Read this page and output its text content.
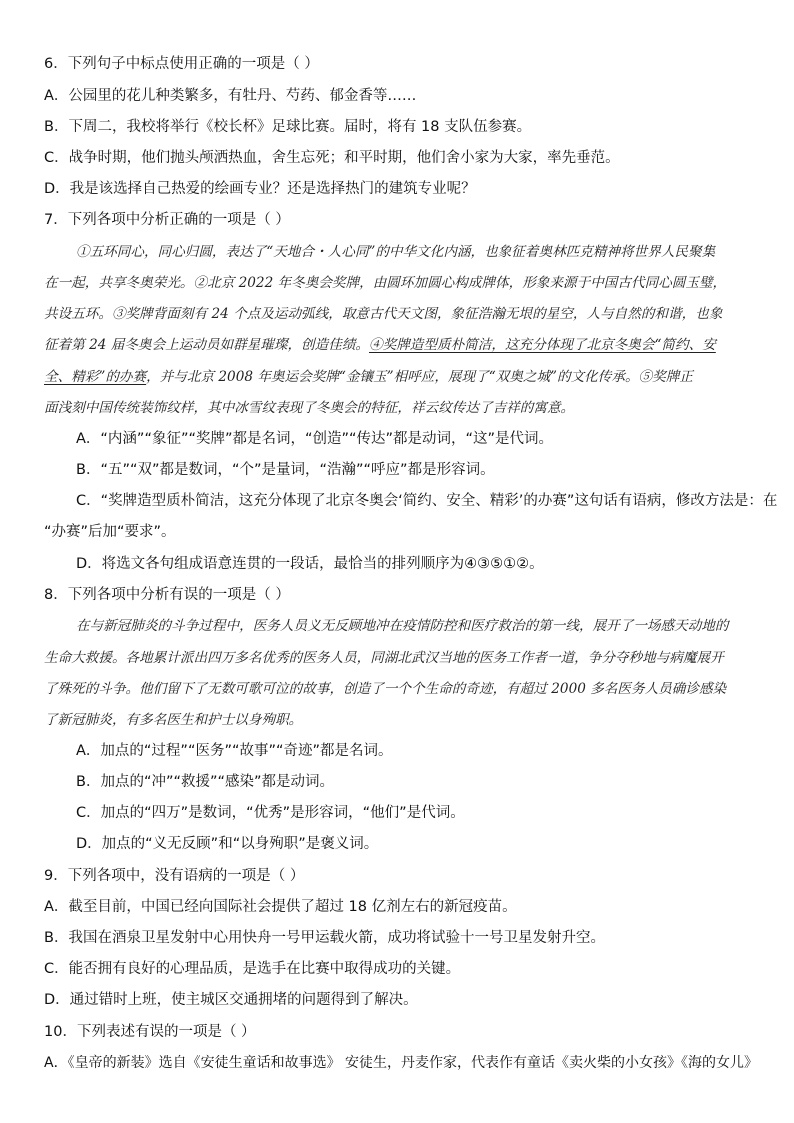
6．下列句子中标点使用正确的一项是（ ）
A．公园里的花儿种类繁多，有牡丹、芍药、郁金香等……
B．下周二，我校将举行《校长杯》足球比赛。届时，将有 18 支队伍参赛。
C．战争时期，他们抛头颅洒热血，舍生忘死；和平时期，他们舍小家为大家，率先垂范。
D．我是该选择自己热爱的绘画专业？还是选择热门的建筑专业呢？
7．下列各项中分析正确的一项是（ ）
①五环同心，同心归圆，表达了“天地合・人心同”的中华文化内涵，也象征着奥林匹克精神将世界人民聚集
在一起，共享冬奥荣光。②北京 2022 年冬奥会奖牌，由圆环加圆心构成牌体，形象来源于中国古代同心圆玉璧，
共设五环。③奖牌背面刻有 24 个点及运动弧线，取意古代天文图，象征浩瀚无垠的星空，人与自然的和谐，也象
征着第 24 届冬奥会上运动员如群星璀璨，创造佳绩。④奖牌造型质朴简洁，这充分体现了北京冬奥会“简约、安
全、精彩”的办赛，并与北京 2008 年奥运会奖牌“金镶玉”相呼应，展现了“双奥之城”的文化传承。⑤奖牌正
面浅刻中国传统装饰纹样，其中冰雪纹表现了冬奥会的特征，祥云纹传达了吉祥的寓意。
A．“内涵”“象征”“奖牌”都是名词，“创造”“传达”都是动词，“这”是代词。
B．“五”“双”都是数词，“个”是量词，“浩瀚”“呼应”都是形容词。
C．“奖牌造型质朴简洁，这充分体现了北京冬奥会‘简约、安全、精彩’的办赛”这句话有语病，修改方法是：在
“办赛”后加“要求”。
D．将选文各句组成语意连贯的一段话，最恰当的排列顺序为④③⑤①②。
8．下列各项中分析有误的一项是（ ）
在与新冠肺炎的斗争过程中，医务人员义无反顾地冲在疫情防控和医疗救治的第一线，展开了一场感天动地的
生命大救援。各地累计派出四万多名优秀的医务人员，同湖北武汉当地的医务工作者一道，争分夺秒地与病魔展开
了殊死的斗争。他们留下了无数可歌可泣的故事，创造了一个个生命的奇迹，有超过 2000 多名医务人员确诊感染
了新冠肺炎，有多名医生和护士以身殉职。
A．加点的“过程”“医务”“故事”“奇迹”都是名词。
B．加点的“冲”“救援”“感染”都是动词。
C．加点的“四万”是数词，“优秀”是形容词，“他们”是代词。
D．加点的“义无反顾”和“以身殉职”是褒义词。
9．下列各项中，没有语病的一项是（ ）
A．截至目前，中国已经向国际社会提供了超过 18 亿剂左右的新冠疫苗。
B．我国在酒泉卫星发射中心用快舟一号甲运载火箭，成功将试验十一号卫星发射升空。
C．能否拥有良好的心理品质，是选手在比赛中取得成功的关键。
D．通过错时上班，使主城区交通拥堵的问题得到了解决。
10．下列表述有误的一项是（ ）
A．《皇帝的新装》选自《安徒生童话和故事选》 安徒生，丹麦作家，代表作有童话《卖火柴的小女孩》《海的女儿》
